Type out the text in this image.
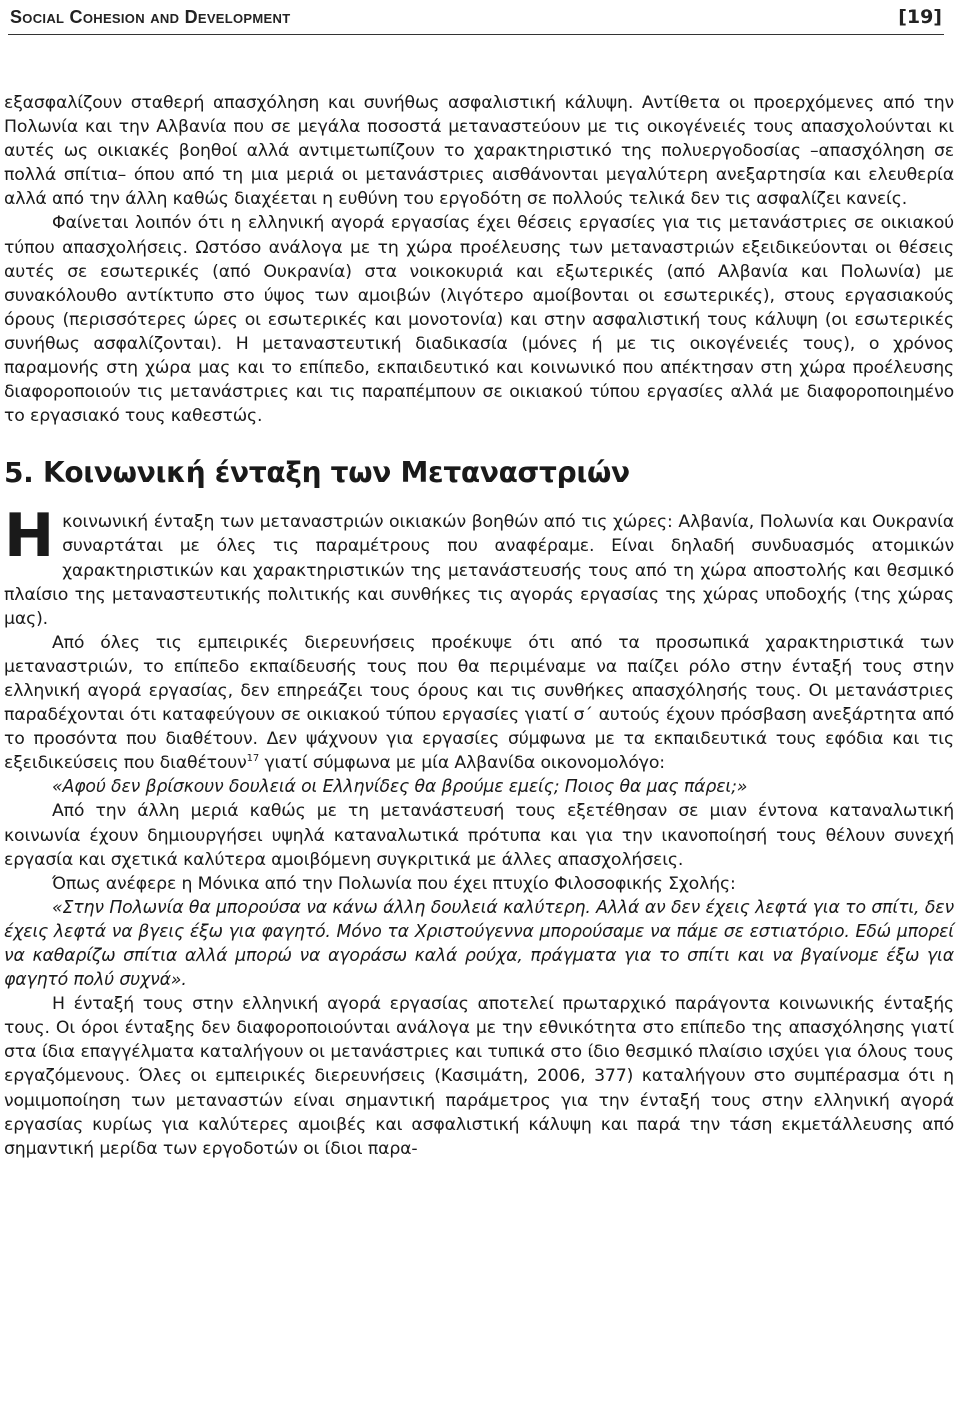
Social Cohesion and Development	[19]

εξασφαλίζουν σταθερή απασχόληση και συνήθως ασφαλιστική κάλυψη. Αντίθετα οι προερχόμενες από την Πολωνία και την Αλβανία που σε μεγάλα ποσοστά μεταναστεύουν με τις οικογένειές τους απασχολούνται κι αυτές ως οικιακές βοηθοί αλλά αντιμετωπίζουν το χαρακτηριστικό της πολυεργοδοσίας –απασχόληση σε πολλά σπίτια– όπου από τη μια μεριά οι μετανάστριες αισθάνονται μεγαλύτερη ανεξαρτησία και ελευθερία αλλά από την άλλη καθώς διαχέεται η ευθύνη του εργοδότη σε πολλούς τελικά δεν τις ασφαλίζει κανείς.

Φαίνεται λοιπόν ότι η ελληνική αγορά εργασίας έχει θέσεις εργασίες για τις μετανάστριες σε οικιακού τύπου απασχολήσεις. Ωστόσο ανάλογα με τη χώρα προέλευσης των μεταναστριών εξειδικεύονται οι θέσεις αυτές σε εσωτερικές (από Ουκρανία) στα νοικοκυριά και εξωτερικές (από Αλβανία και Πολωνία) με συνακόλουθο αντίκτυπο στο ύψος των αμοιβών (λιγότερο αμοίβονται οι εσωτερικές), στους εργασιακούς όρους (περισσότερες ώρες οι εσωτερικές και μονοτονία) και στην ασφαλιστική τους κάλυψη (οι εσωτερικές συνήθως ασφαλίζονται). Η μεταναστευτική διαδικασία (μόνες ή με τις οικογένειές τους), ο χρόνος παραμονής στη χώρα μας και το επίπεδο, εκπαιδευτικό και κοινωνικό που απέκτησαν στη χώρα προέλευσης διαφοροποιούν τις μετανάστριες και τις παραπέμπουν σε οικιακού τύπου εργασίες αλλά με διαφοροποιημένο το εργασιακό τους καθεστώς.

5. Κοινωνική ένταξη των Μεταναστριών

Ηκοινωνική ένταξη των μεταναστριών οικιακών βοηθών από τις χώρες: Αλβανία, Πολωνία και Ουκρανία συναρτάται με όλες τις παραμέτρους που αναφέραμε. Είναι δηλαδή συνδυασμός ατομικών χαρακτηριστικών και χαρακτηριστικών της μετανάστευσής τους από τη χώρα αποστολής και θεσμικό πλαίσιο της μεταναστευτικής πολιτικής και συνθήκες τις αγοράς εργασίας της χώρας υποδοχής (της χώρας μας).

Από όλες τις εμπειρικές διερευνήσεις προέκυψε ότι από τα προσωπικά χαρακτηριστικά των μεταναστριών, το επίπεδο εκπαίδευσής τους που θα περιμέναμε να παίζει ρόλο στην ένταξή τους στην ελληνική αγορά εργασίας, δεν επηρεάζει τους όρους και τις συνθήκες απασχόλησής τους. Οι μετανάστριες παραδέχονται ότι καταφεύγουν σε οικιακού τύπου εργασίες γιατί σ΄ αυτούς έχουν πρόσβαση ανεξάρτητα από το προσόντα που διαθέτουν. Δεν ψάχνουν για εργασίες σύμφωνα με τα εκπαιδευτικά τους εφόδια και τις εξειδικεύσεις που διαθέτουν$^{17}$ γιατί σύμφωνα με μία Αλβανίδα οικονομολόγο:

«Αφού δεν βρίσκουν δουλειά οι Ελληνίδες θα βρούμε εμείς; Ποιος θα μας πάρει;»

Από την άλλη μεριά καθώς με τη μετανάστευσή τους εξετέθησαν σε μιαν έντονα καταναλωτική κοινωνία έχουν δημιουργήσει υψηλά καταναλωτικά πρότυπα και για την ικανοποίησή τους θέλουν συνεχή εργασία και σχετικά καλύτερα αμοιβόμενη συγκριτικά με άλλες απασχολήσεις.

Όπως ανέφερε η Μόνικα από την Πολωνία που έχει πτυχίο Φιλοσοφικής Σχολής:

«Στην Πολωνία θα μπορούσα να κάνω άλλη δουλειά καλύτερη. Αλλά αν δεν έχεις λεφτά για το σπίτι, δεν έχεις λεφτά να βγεις έξω για φαγητό. Μόνο τα Χριστούγεννα μπορούσαμε να πάμε σε εστιατόριο. Εδώ μπορεί να καθαρίζω σπίτια αλλά μπορώ να αγοράσω καλά ρούχα, πράγματα για το σπίτι και να βγαίνομε έξω για φαγητό πολύ συχνά».

Η ένταξή τους στην ελληνική αγορά εργασίας αποτελεί πρωταρχικό παράγοντα κοινωνικής ένταξής τους. Οι όροι ένταξης δεν διαφοροποιούνται ανάλογα με την εθνικότητα στο επίπεδο της απασχόλησης γιατί στα ίδια επαγγέλματα καταλήγουν οι μετανάστριες και τυπικά στο ίδιο θεσμικό πλαίσιο ισχύει για όλους τους εργαζόμενους. Όλες οι εμπειρικές διερευνήσεις (Κασιμάτη, 2006, 377) καταλήγουν στο συμπέρασμα ότι η νομιμοποίηση των μεταναστών είναι σημαντική παράμετρος για την ένταξή τους στην ελληνική αγορά εργασίας κυρίως για καλύτερες αμοιβές και ασφαλιστική κάλυψη και παρά την τάση εκμετάλλευσης από σημαντική μερίδα των εργοδοτών οι ίδιοι παρα-
